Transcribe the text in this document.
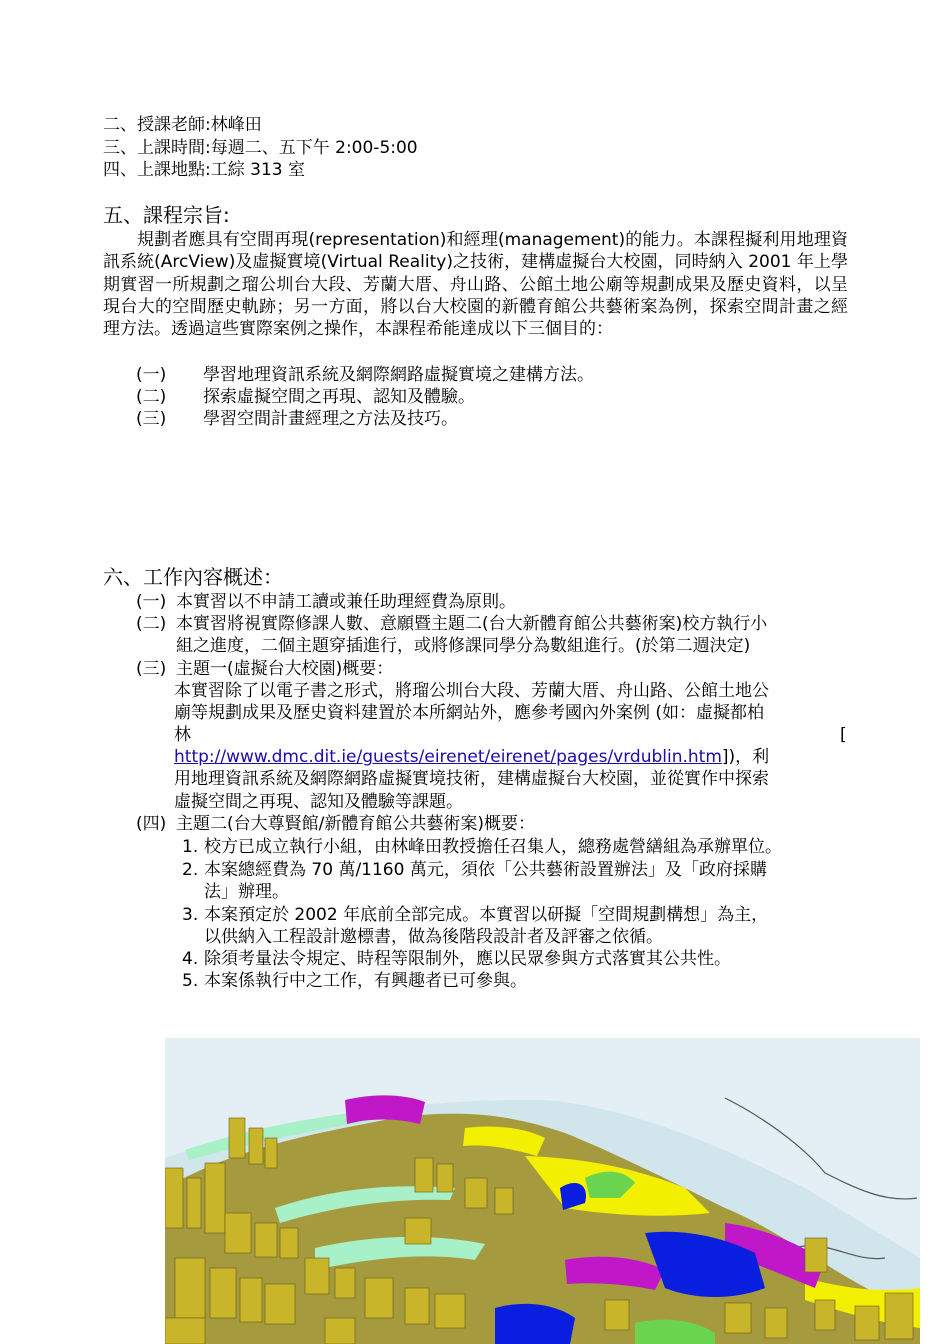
二、授課老師:林峰田
三、上課時間:每週二、五下午 2:00-5:00
四、上課地點:工綜 313 室
五、課程宗旨:
規劃者應具有空間再現(representation)和經理(management)的能力。本課程擬利用地理資訊系統(ArcView)及虛擬實境(Virtual Reality)之技術，建構虛擬台大校園，同時納入 2001 年上學期實習一所規劃之瑠公圳台大段、芳蘭大厝、舟山路、公館土地公廟等規劃成果及歷史資料，以呈現台大的空間歷史軌跡；另一方面，將以台大校園的新體育館公共藝術案為例，探索空間計畫之經理方法。透過這些實際案例之操作，本課程希能達成以下三個目的：
(一) 學習地理資訊系統及網際網路虛擬實境之建構方法。
(二) 探索虛擬空間之再現、認知及體驗。
(三) 學習空間計畫經理之方法及技巧。
六、工作內容概述：
(一) 本實習以不申請工讀或兼任助理經費為原則。
(二) 本實習將視實際修課人數、意願暨主題二(台大新體育館公共藝術案)校方執行小
組之進度，二個主題穿插進行，或將修課同學分為數組進行。(於第二週決定)
(三) 主題一(虛擬台大校園)概要：
本實習除了以電子書之形式，將瑠公圳台大段、芳蘭大厝、舟山路、公館土地公
廟等規劃成果及歷史資料建置於本所網站外，應參考國內外案例 (如：虛擬都柏
林	[
http://www.dmc.dit.ie/guests/eirenet/eirenet/pages/vrdublin.htm])，利
用地理資訊系統及網際網路虛擬實境技術，建構虛擬台大校園，並從實作中探索
虛擬空間之再現、認知及體驗等課題。
(四) 主題二(台大尊賢館/新體育館公共藝術案)概要：
1. 校方已成立執行小組，由林峰田教授擔任召集人，總務處營繕組為承辦單位。
2. 本案總經費為 70 萬/1160 萬元，須依「公共藝術設置辦法」及「政府採購
法」辦理。
3. 本案預定於 2002 年底前全部完成。本實習以研擬「空間規劃構想」為主，
以供納入工程設計邀標書，做為後階段設計者及評審之依循。
4. 除須考量法令規定、時程等限制外，應以民眾參與方式落實其公共性。
5. 本案係執行中之工作，有興趣者已可參與。
